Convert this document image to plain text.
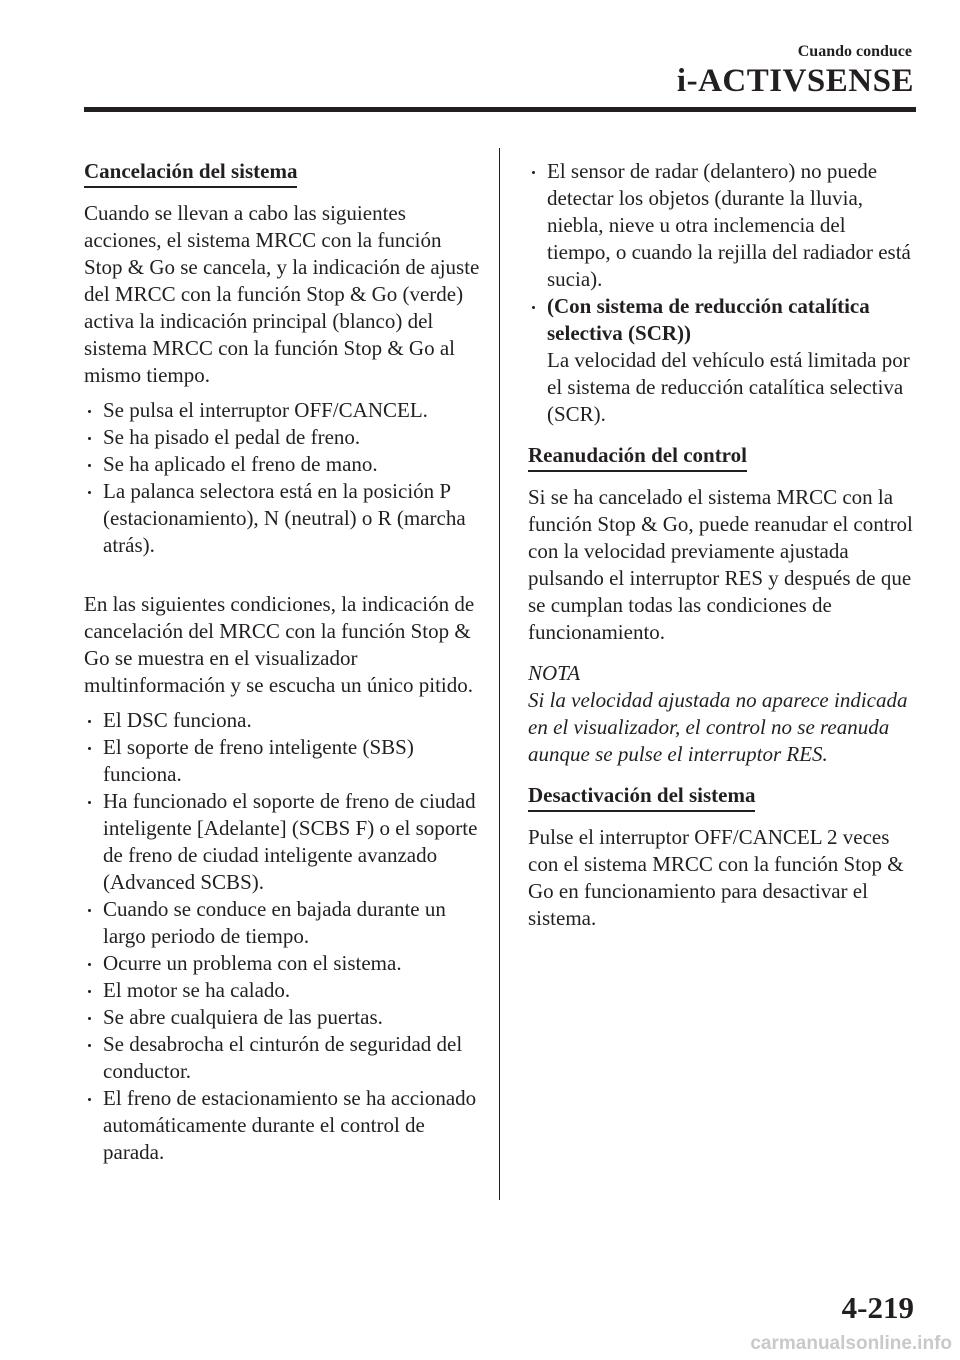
Cuando conduce
i-ACTIVSENSE
Cancelación del sistema

Cuando se llevan a cabo las siguientes acciones, el sistema MRCC con la función Stop & Go se cancela, y la indicación de ajuste del MRCC con la función Stop & Go (verde) activa la indicación principal (blanco) del sistema MRCC con la función Stop & Go al mismo tiempo.

Se pulsa el interruptor OFF/CANCEL.
Se ha pisado el pedal de freno.
Se ha aplicado el freno de mano.
La palanca selectora está en la posición P (estacionamiento), N (neutral) o R (marcha atrás).

En las siguientes condiciones, la indicación de cancelación del MRCC con la función Stop & Go se muestra en el visualizador multinformación y se escucha un único pitido.

El DSC funciona.
El soporte de freno inteligente (SBS) funciona.
Ha funcionado el soporte de freno de ciudad inteligente [Adelante] (SCBS F) o el soporte de freno de ciudad inteligente avanzado (Advanced SCBS).
Cuando se conduce en bajada durante un largo periodo de tiempo.
Ocurre un problema con el sistema.
El motor se ha calado.
Se abre cualquiera de las puertas.
Se desabrocha el cinturón de seguridad del conductor.
El freno de estacionamiento se ha accionado automáticamente durante el control de parada.
El sensor de radar (delantero) no puede detectar los objetos (durante la lluvia, niebla, nieve u otra inclemencia del tiempo, o cuando la rejilla del radiador está sucia).
(Con sistema de reducción catalítica selectiva (SCR))
La velocidad del vehículo está limitada por el sistema de reducción catalítica selectiva (SCR).
Reanudación del control

Si se ha cancelado el sistema MRCC con la función Stop & Go, puede reanudar el control con la velocidad previamente ajustada pulsando el interruptor RES y después de que se cumplan todas las condiciones de funcionamiento.

NOTA

Si la velocidad ajustada no aparece indicada en el visualizador, el control no se reanuda aunque se pulse el interruptor RES.

Desactivación del sistema

Pulse el interruptor OFF/CANCEL 2 veces con el sistema MRCC con la función Stop & Go en funcionamiento para desactivar el sistema.

4-219
carmanualsonline.info
